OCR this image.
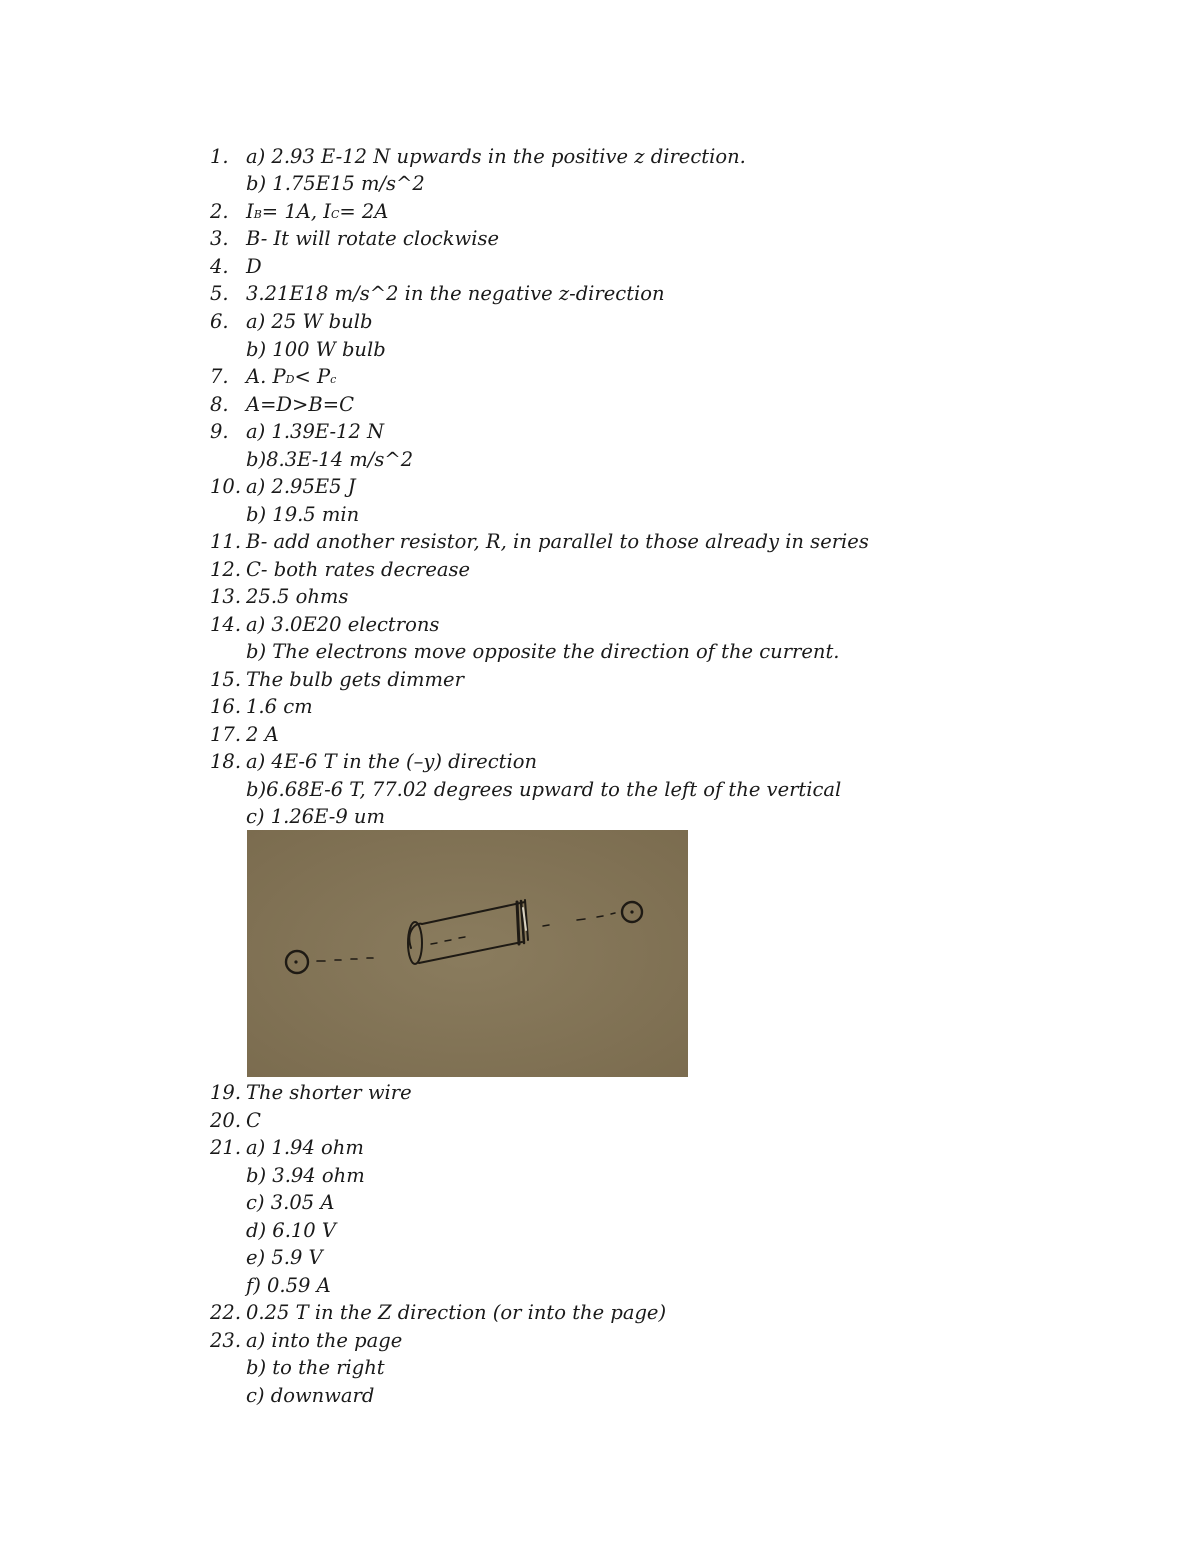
1. a) 2.93 E-12 N upwards in the positive z direction.
b) 1.75E15 m/s^2
2. IB= 1A, IC= 2A
3. B- It will rotate clockwise
4. D
5. 3.21E18 m/s^2 in the negative z-direction
6. a) 25 W bulb
b) 100 W bulb
7. A. PD< Pc
8. A=D>B=C
9. a) 1.39E-12 N
b)8.3E-14 m/s^2
10. a) 2.95E5 J
b) 19.5 min
11. B- add another resistor, R, in parallel to those already in series
12. C- both rates decrease
13. 25.5 ohms
14. a) 3.0E20 electrons
b) The electrons move opposite the direction of the current.
15. The bulb gets dimmer
16. 1.6 cm
17. 2 A
18. a) 4E-6 T in the (–y) direction
b)6.68E-6 T, 77.02 degrees upward to the left of the vertical
c) 1.26E-9 um
19. The shorter wire
20. C
21. a) 1.94 ohm
b) 3.94 ohm
c) 3.05 A
d) 6.10 V
e) 5.9 V
f) 0.59 A
22. 0.25 T in the Z direction (or into the page)
23. a) into the page
b) to the right
c) downward
